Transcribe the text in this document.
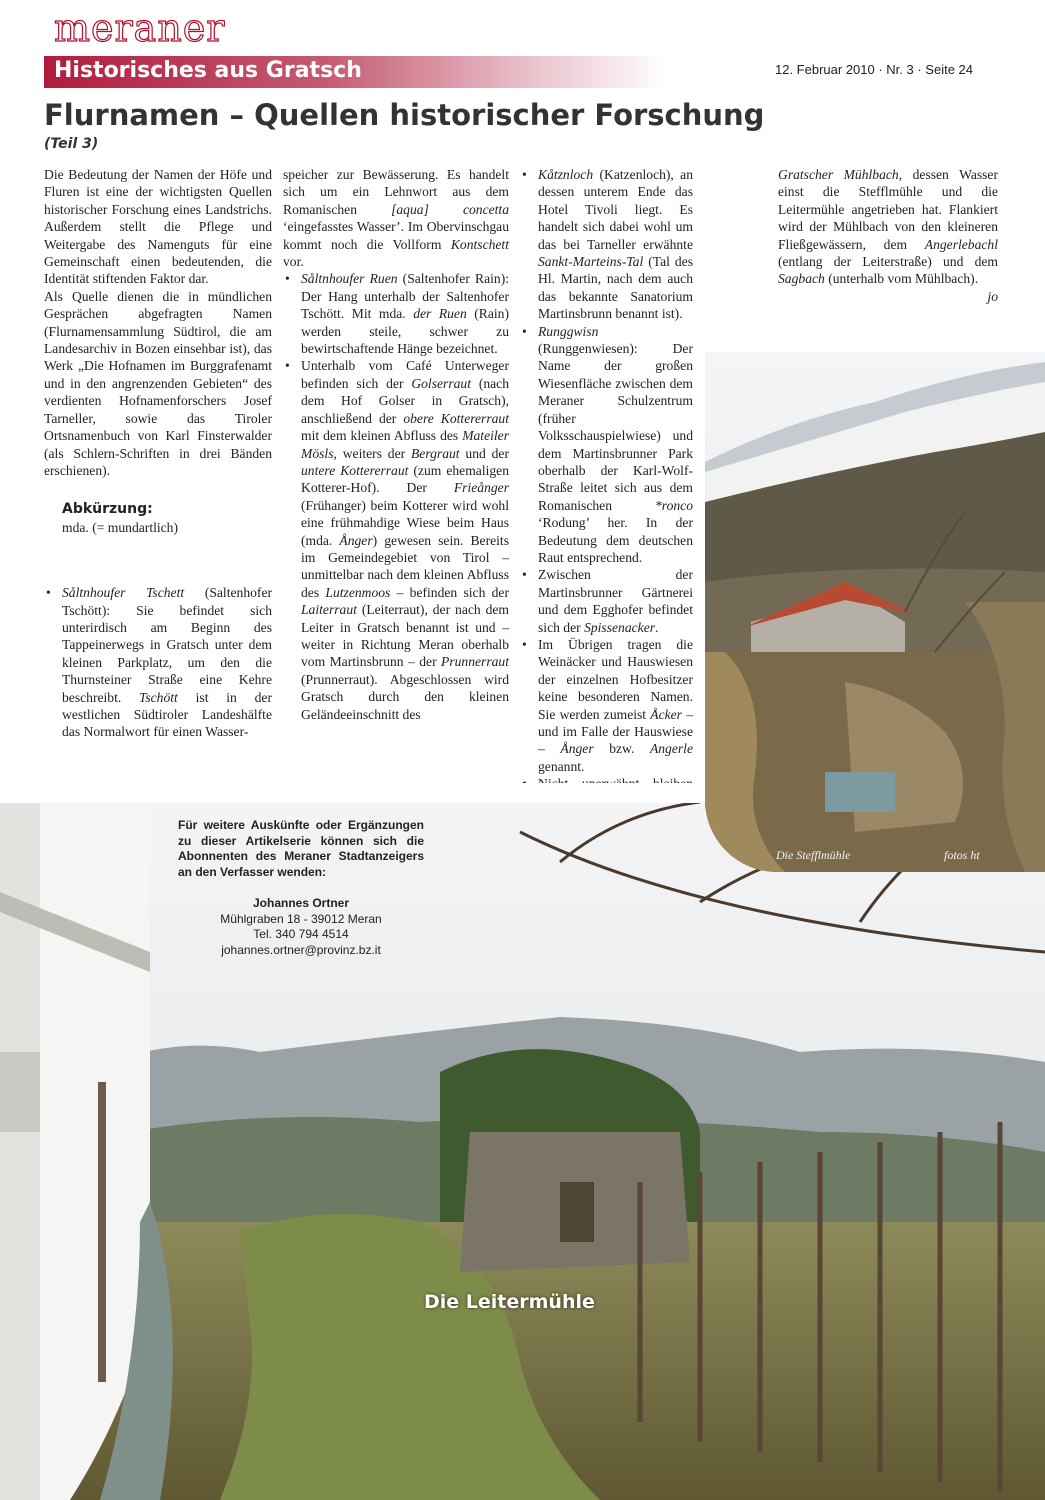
meraner
Historisches aus Gratsch	12. Februar 2010 · Nr. 3 · Seite 24
Flurnamen – Quellen historischer Forschung
(Teil 3)

Die Bedeutung der Namen der Höfe und Fluren ist eine der wichtigsten Quellen historischer Forschung eines Landstrichs. Außerdem stellt die Pflege und Weitergabe des Namenguts für eine Gemeinschaft einen bedeutenden, die Identität stiftenden Faktor dar.

Als Quelle dienen die in mündlichen Gesprächen abgefragten Namen (Flurnamensammlung Südtirol, die am Landesarchiv in Bozen einsehbar ist), das Werk „Die Hofnamen im Burggrafenamt und in den angrenzenden Gebieten“ des verdienten Hofnamenforschers Josef Tarneller, sowie das Tiroler Ortsnamenbuch von Karl Finsterwalder (als Schlern-Schriften in drei Bänden erschienen).

Abkürzung:
mda. (= mundartlich)
• Såltnhoufer Tschett (Saltenhofer Tschött): Sie befindet sich unterirdisch am Beginn des Tappeinerwegs in Gratsch unter dem kleinen Parkplatz, um den die Thurnsteiner Straße eine Kehre beschreibt. Tschött ist in der westlichen Südtiroler Landeshälfte das Normalwort für einen Wasser-

speicher zur Bewässerung. Es handelt sich um ein Lehnwort aus dem Romanischen [aqua] concetta ‘eingefasstes Wasser’. Im Obervinschgau kommt noch die Vollform Kontschett vor.

• Såltnhoufer Ruen (Saltenhofer Rain): Der Hang unterhalb der Saltenhofer Tschött. Mit mda. der Ruen (Rain) werden steile, schwer zu bewirtschaftende Hänge bezeichnet.
• Unterhalb vom Café Unterweger befinden sich der Golserraut (nach dem Hof Golser in Gratsch), anschließend der obere Kottererraut mit dem kleinen Abfluss des Mateiler Mösls, weiters der Bergraut und der untere Kottererraut (zum ehemaligen Kotterer-Hof). Der Frieånger (Frühanger) beim Kotterer wird wohl eine frühmahdige Wiese beim Haus (mda. Ånger) gewesen sein. Bereits im Gemeindegebiet von Tirol – unmittelbar nach dem kleinen Abfluss des Lutzenmoos – befinden sich der Laiterraut (Leiterraut), der nach dem Leiter in Gratsch benannt ist und – weiter in Richtung Meran oberhalb vom Martinsbrunn – der Prunnerraut (Prunnerraut). Abgeschlossen wird Gratsch durch den kleinen Geländeeinschnitt des
• Kåtznloch (Katzenloch), an dessen unterem Ende das Hotel Tivoli liegt. Es handelt sich dabei wohl um das bei Tarneller erwähnte Sankt-Marteins-Tal (Tal des Hl. Martin, nach dem auch das bekannte Sanatorium Martinsbrunn benannt ist).
• Runggwisn (Runggenwiesen): Der Name der großen Wiesenfläche zwischen dem Meraner Schulzentrum (früher Volksschauspielwiese) und dem Martinsbrunner Park oberhalb der Karl-Wolf-Straße leitet sich aus dem Romanischen *ronco ‘Rodung’ her. In der Bedeutung dem deutschen Raut entsprechend.
• Zwischen der Martinsbrunner Gärtnerei und dem Egghofer befindet sich der Spissenacker.
• Im Übrigen tragen die Weinäcker und Hauswiesen der einzelnen Hofbesitzer keine besonderen Namen. Sie werden zumeist Åcker – und im Falle der Hauswiese – Ånger bzw. Angerle genannt.
•

Gratscher Mühlbach, dessen Wasser einst die Stefflmühle und die Leitermühle angetrieben hat. Flankiert wird der Mühlbach von den kleineren Fließgewässern, dem Angerlebachl (entlang der Leiterstraße) und dem Sagbach (unterhalb vom Mühlbach).

jo

Die Stefflmühle	fotos ht
Für weitere Auskünfte oder Ergänzungen zu dieser Artikelserie können sich die Abonnenten des Meraner Stadtanzeigers an den Verfasser wenden:
Johannes Ortner
Mühlgraben 18 - 39012 Meran
Tel. 340 794 4514
johannes.ortner@provinz.bz.it
Die Leitermühle
